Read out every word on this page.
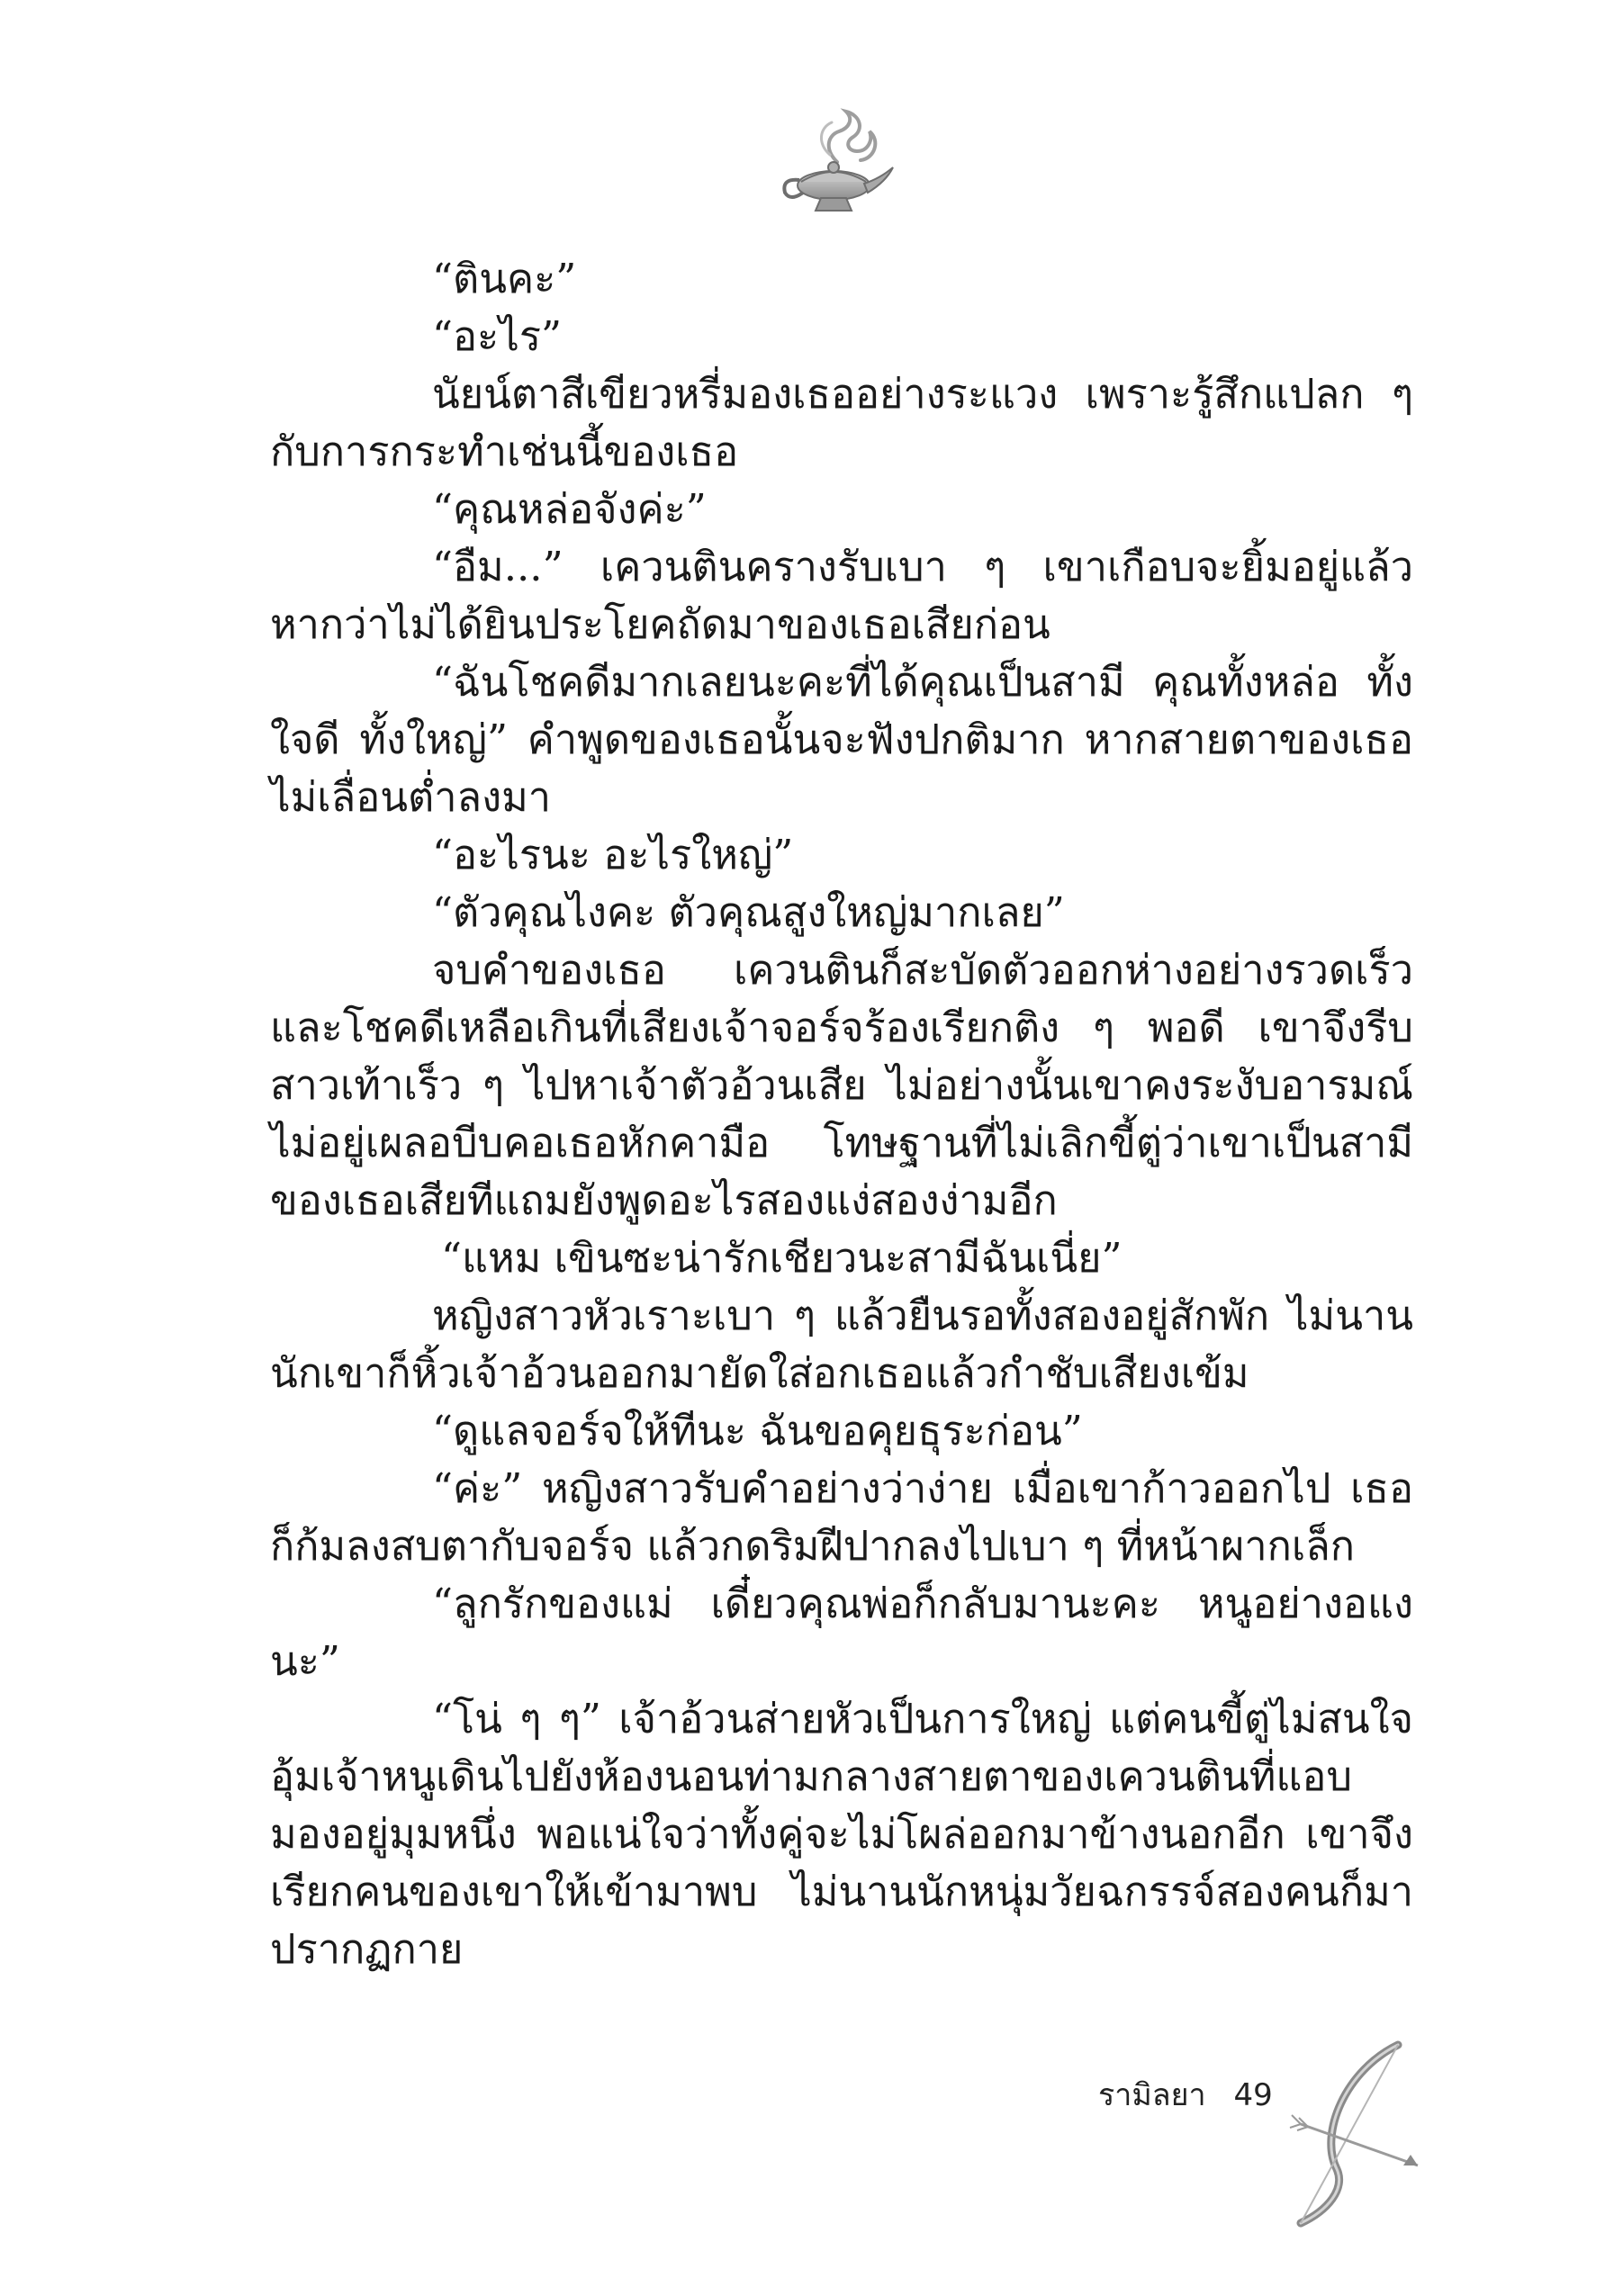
“ตินคะ”

“อะไร”

นัยน์ตาสีเขียวหรี่มองเธออย่างระแวง เพราะรู้สึกแปลก ๆ กับการกระทำเช่นนี้ของเธอ

“คุณหล่อจังค่ะ”

“อืม...” เควนตินครางรับเบา ๆ เขาเกือบจะยิ้มอยู่แล้ว หากว่าไม่ได้ยินประโยคถัดมาของเธอเสียก่อน

“ฉันโชคดีมากเลยนะคะที่ได้คุณเป็นสามี คุณทั้งหล่อ ทั้งใจดี ทั้งใหญ่” คำพูดของเธอนั้นจะฟังปกติมาก หากสายตาของเธอไม่เลื่อนต่ำลงมา

“อะไรนะ อะไรใหญ่”

“ตัวคุณไงคะ ตัวคุณสูงใหญ่มากเลย”

จบคำของเธอ เควนตินก็สะบัดตัวออกห่างอย่างรวดเร็ว และโชคดีเหลือเกินที่เสียงเจ้าจอร์จร้องเรียกติง ๆ พอดี เขาจึงรีบสาวเท้าเร็ว ๆ ไปหาเจ้าตัวอ้วนเสีย ไม่อย่างนั้นเขาคงระงับอารมณ์ไม่อยู่เผลอบีบคอเธอหักคามือ โทษฐานที่ไม่เลิกขี้ตู่ว่าเขาเป็นสามีของเธอเสียทีแถมยังพูดอะไรสองแง่สองง่ามอีก

“แหม เขินซะน่ารักเชียวนะสามีฉันเนี่ย”

หญิงสาวหัวเราะเบา ๆ แล้วยืนรอทั้งสองอยู่สักพัก ไม่นานนักเขาก็หิ้วเจ้าอ้วนออกมายัดใส่อกเธอแล้วกำชับเสียงเข้ม

“ดูแลจอร์จให้ทีนะ ฉันขอคุยธุระก่อน”

“ค่ะ” หญิงสาวรับคำอย่างว่าง่าย เมื่อเขาก้าวออกไป เธอก็ก้มลงสบตากับจอร์จ แล้วกดริมฝีปากลงไปเบา ๆ ที่หน้าผากเล็ก

“ลูกรักของแม่ เดี๋ยวคุณพ่อก็กลับมานะคะ หนูอย่างอแงนะ”

“โน่ ๆ ๆ” เจ้าอ้วนส่ายหัวเป็นการใหญ่ แต่คนขี้ตู่ไม่สนใจอุ้มเจ้าหนูเดินไปยังห้องนอนท่ามกลางสายตาของเควนตินที่แอบมองอยู่มุมหนึ่ง พอแน่ใจว่าทั้งคู่จะไม่โผล่ออกมาข้างนอกอีก เขาจึงเรียกคนของเขาให้เข้ามาพบ ไม่นานนักหนุ่มวัยฉกรรจ์สองคนก็มาปรากฏกาย

รามิลยา 49
